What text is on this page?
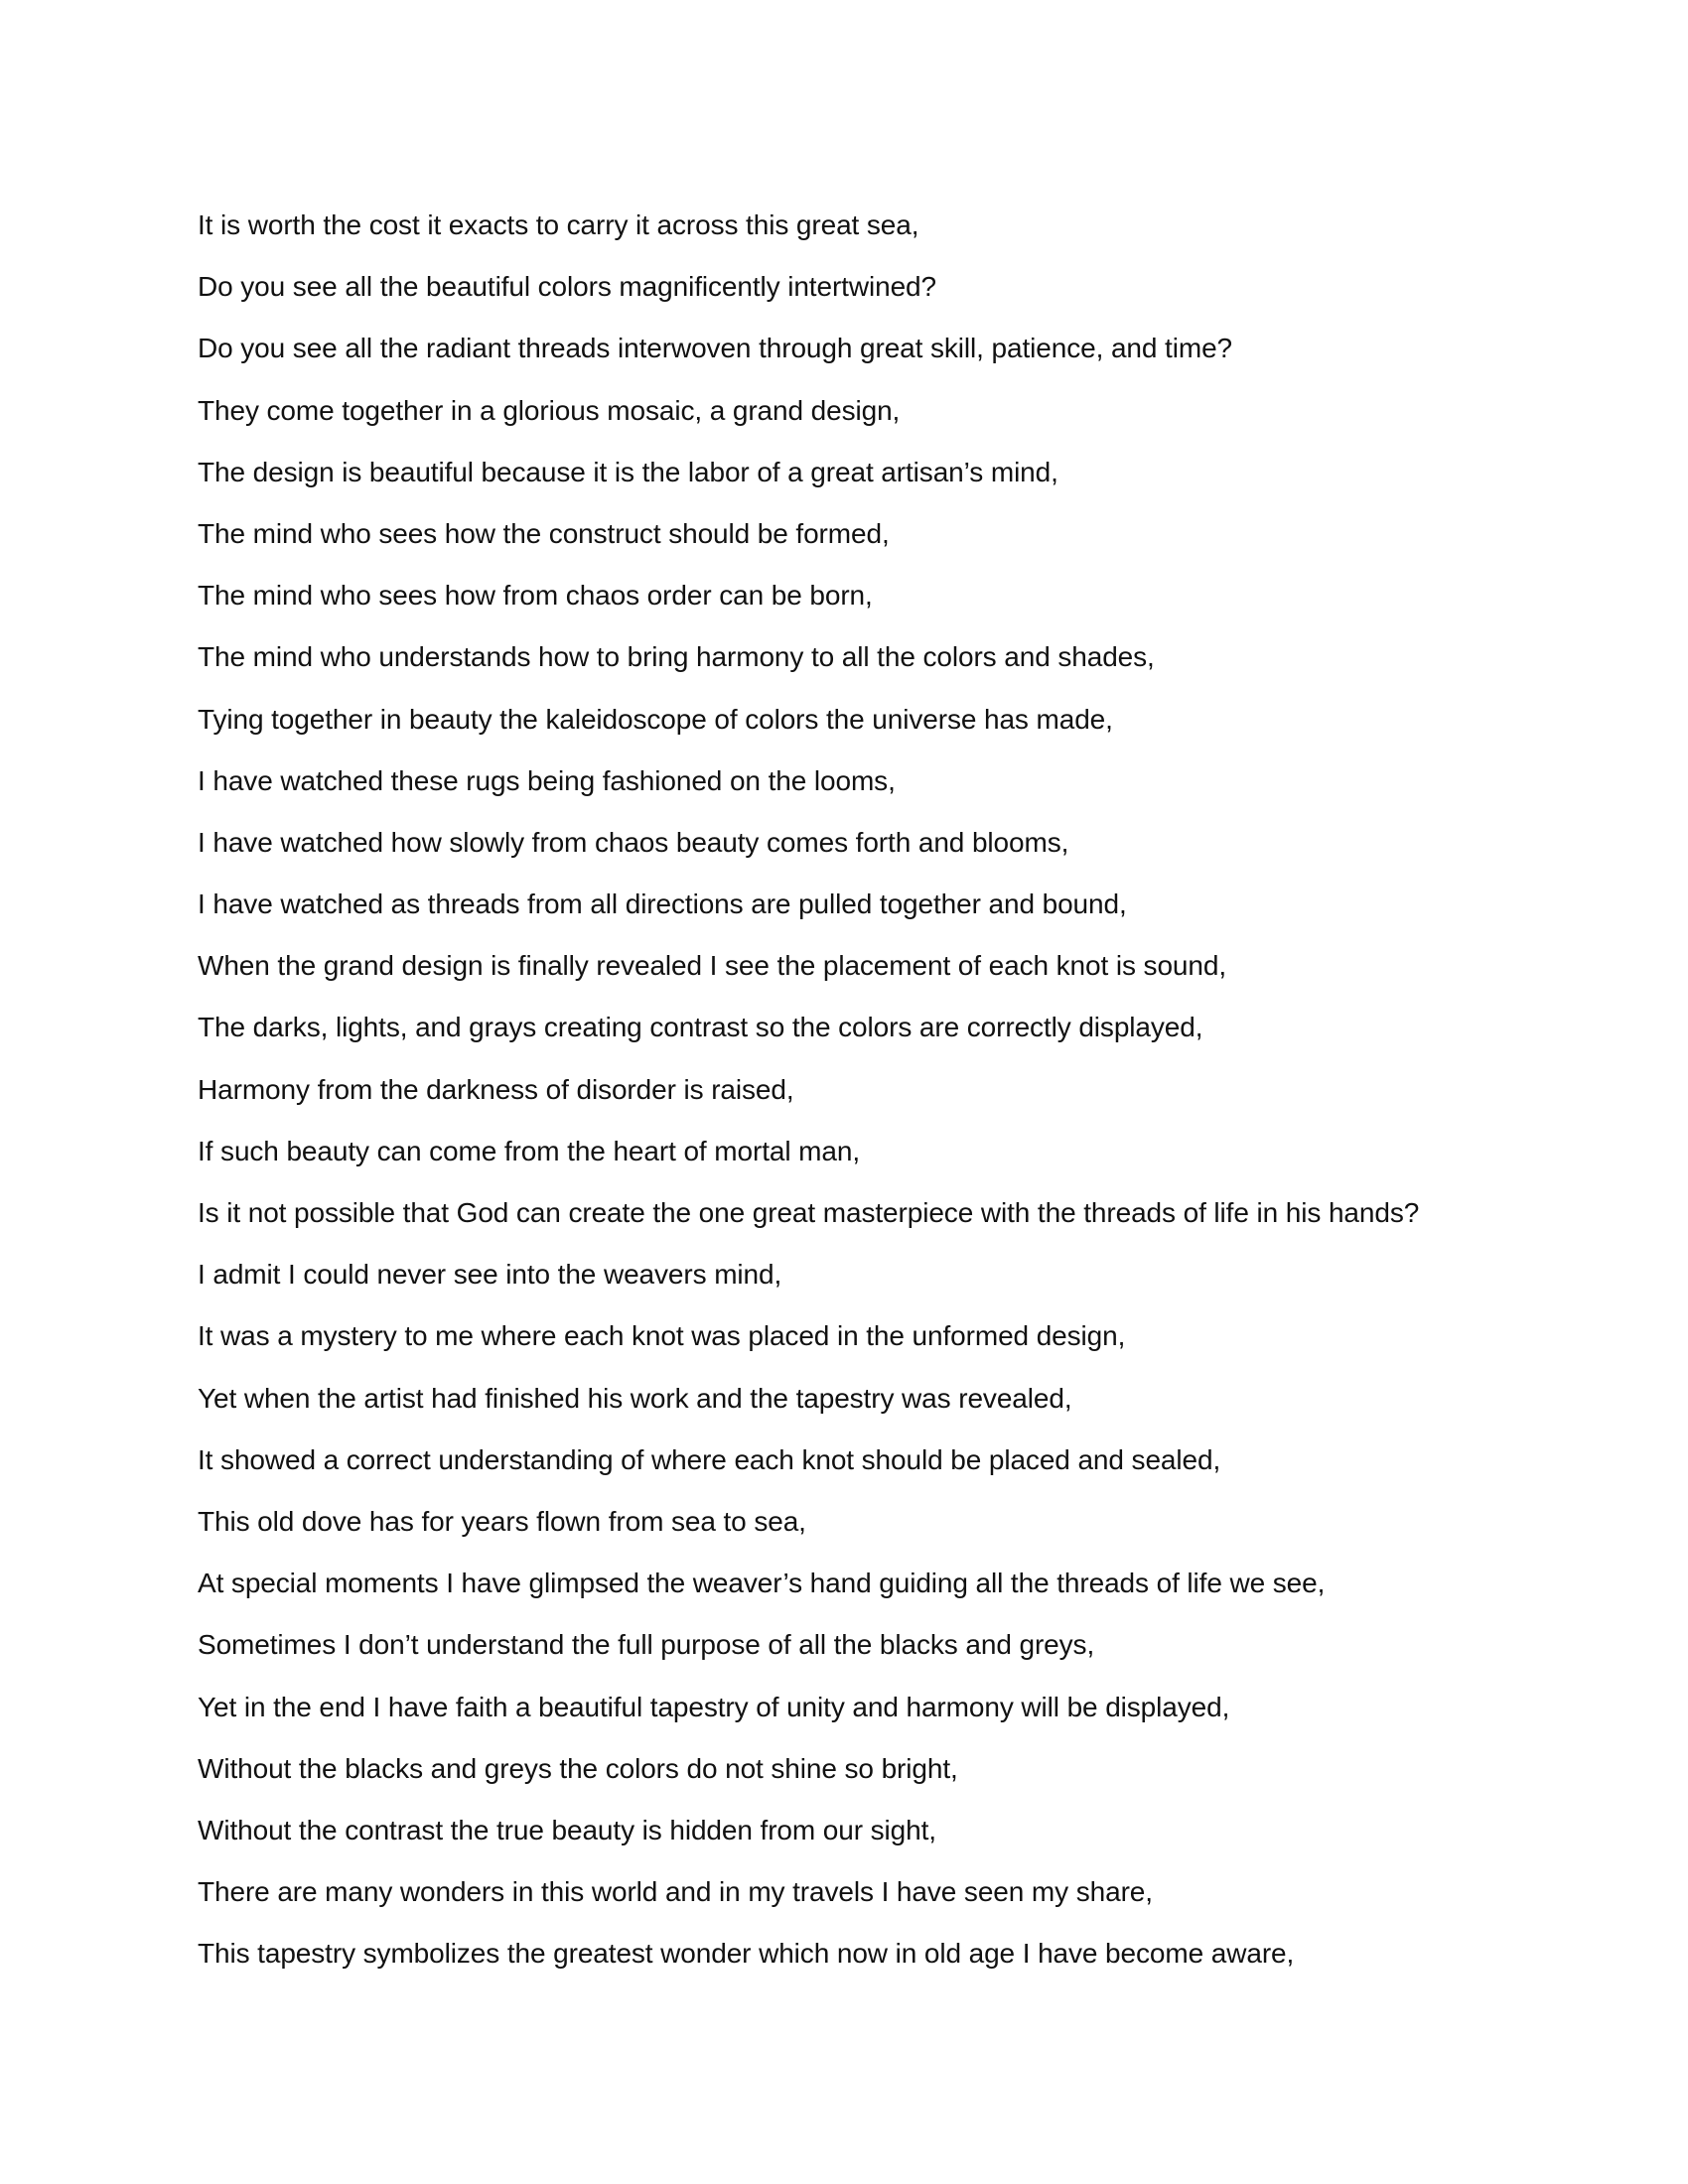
It is worth the cost it exacts to carry it across this great sea,
Do you see all the beautiful colors magnificently intertwined?
Do you see all the radiant threads interwoven through great skill, patience, and time?
They come together in a glorious mosaic, a grand design,
The design is beautiful because it is the labor of a great artisan’s mind,
The mind who sees how the construct should be formed,
The mind who sees how from chaos order can be born,
The mind who understands how to bring harmony to all the colors and shades,
Tying together in beauty the kaleidoscope of colors the universe has made,
I have watched these rugs being fashioned on the looms,
I have watched how slowly from chaos beauty comes forth and blooms,
I have watched as threads from all directions are pulled together and bound,
When the grand design is finally revealed I see the placement of each knot is sound,
The darks, lights, and grays creating contrast so the colors are correctly displayed,
Harmony from the darkness of disorder is raised,
If such beauty can come from the heart of mortal man,
Is it not possible that God can create the one great masterpiece with the threads of life in his hands?
I admit I could never see into the weavers mind,
It was a mystery to me where each knot was placed in the unformed design,
Yet when the artist had finished his work and the tapestry was revealed,
It showed a correct understanding of where each knot should be placed and sealed,
This old dove has for years flown from sea to sea,
At special moments I have glimpsed the weaver’s hand guiding all the threads of life we see,
Sometimes I don’t understand the full purpose of all the blacks and greys,
Yet in the end I have faith a beautiful tapestry of unity and harmony will be displayed,
Without the blacks and greys the colors do not shine so bright,
Without the contrast the true beauty is hidden from our sight,
There are many wonders in this world and in my travels I have seen my share,
This tapestry symbolizes the greatest wonder which now in old age I have become aware,
